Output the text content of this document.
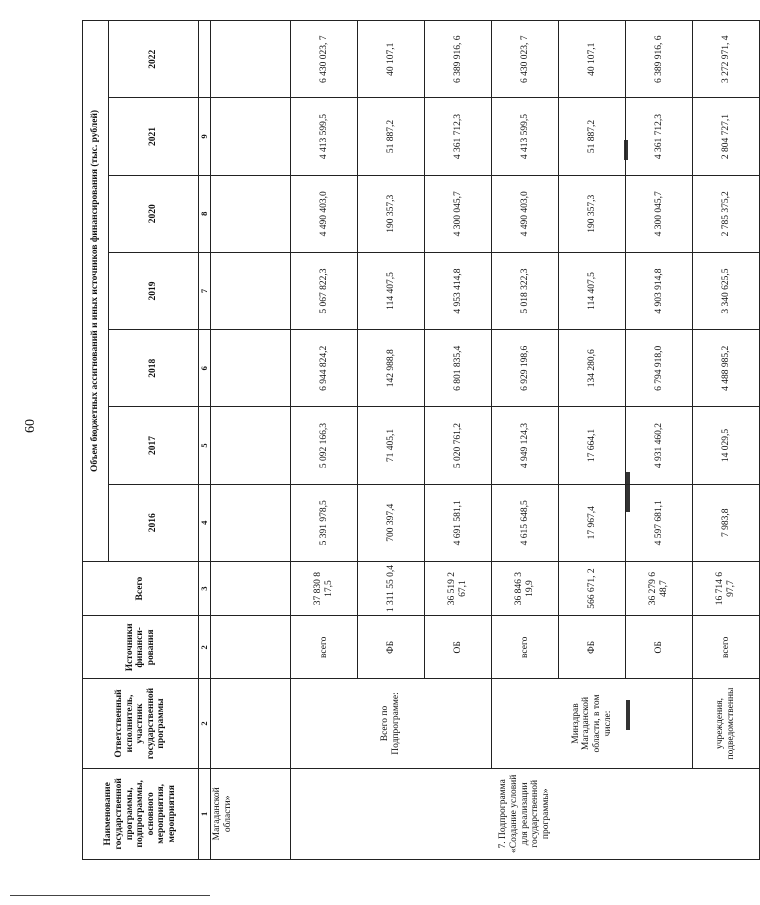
60
Наименование государственной программы, подпрограммы, основного мероприятия, мероприятия	Ответственный исполнитель, участник государственной программы	Источники финанси-рования	Всего	Объем бюджетных ассигнований и иных источников финансирования (тыс. рублей)						
				2016	2017	2018	2019	2020	2021	2022
1	2	2	3	4	5	6	7	8	9	
Магаданской области»										
7. Подпрограмма «Создание условий для реализации государственной программы»	Всего по Подпрограмме:	всего	37 830 8 17,5	5 391 978,5	5 092 166,3	6 944 824,2	5 067 822,3	4 490 403,0	4 413 599,5	6 430 023, 7
		ФБ	1 311 55 0,4	700 397,4	71 405,1	142 988,8	114 407,5	190 357,3	51 887,2	40 107,1
		ОБ	36 519 2 67,1	4 691 581,1	5 020 761,2	6 801 835,4	4 953 414,8	4 300 045,7	4 361 712,3	6 389 916, 6
	Минздрав Магаданской области, в том числе:	всего	36 846 3 19,9	4 615 648,5	4 949 124,3	6 929 198,6	5 018 322,3	4 490 403,0	4 413 599,5	6 430 023, 7
		ФБ	566 671, 2	17 967,4	17 664,1	134 280,6	114 407,5	190 357,3	51 887,2	40 107,1
		ОБ	36 279 6 48,7	4 597 681,1	4 931 460,2	6 794 918,0	4 903 914,8	4 300 045,7	4 361 712,3	6 389 916, 6
	учреждения, подведомственны	всего	16 714 6 97,7	7 983,8	14 029,5	4 488 985,2	3 340 625,5	2 785 375,2	2 804 727,1	3 272 971, 4
